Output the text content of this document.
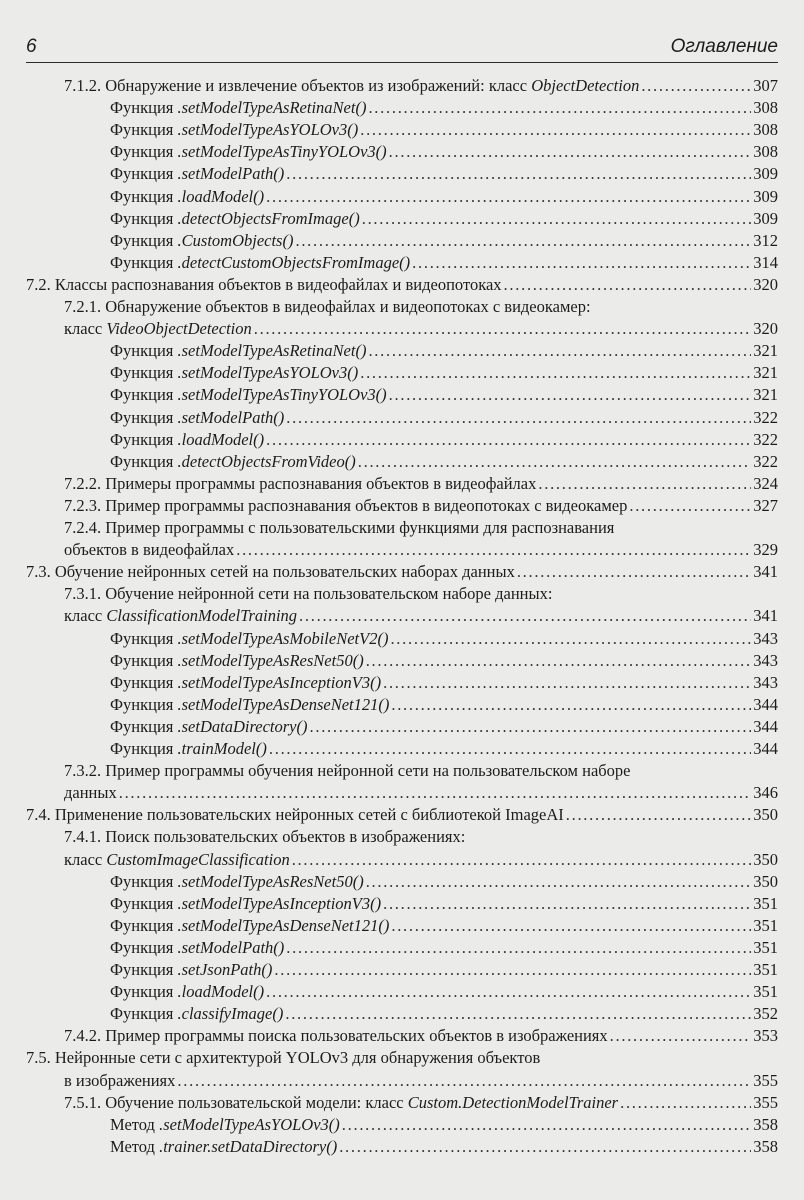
6	Оглавление
7.1.2. Обнаружение и извлечение объектов из изображений: класс ObjectDetection . . .	307
Функция .setModelTypeAsRetinaNet() . . .	308
Функция .setModelTypeAsYOLOv3() . . .	308
Функция .setModelTypeAsTinyYOLOv3() . . .	308
Функция .setModelPath() . . .	309
Функция .loadModel() . . .	309
Функция .detectObjectsFromImage() . . .	309
Функция .CustomObjects() . . .	312
Функция .detectCustomObjectsFromImage() . . .	314
7.2. Классы распознавания объектов в видеофайлах и видеопотоках . . .	320
7.2.1. Обнаружение объектов в видеофайлах и видеопотоках с видеокамер:
класс VideoObjectDetection . . .	320
Функция .setModelTypeAsRetinaNet() . . .	321
Функция .setModelTypeAsYOLOv3() . . .	321
Функция .setModelTypeAsTinyYOLOv3() . . .	321
Функция .setModelPath() . . .	322
Функция .loadModel() . . .	322
Функция .detectObjectsFromVideo() . . .	322
7.2.2. Примеры программы распознавания объектов в видеофайлах . . .	324
7.2.3. Пример программы распознавания объектов в видеопотоках с видеокамер . . .	327
7.2.4. Пример программы с пользовательскими функциями для распознавания
объектов в видеофайлах . . .	329
7.3. Обучение нейронных сетей на пользовательских наборах данных . . .	341
7.3.1. Обучение нейронной сети на пользовательском наборе данных:
класс ClassificationModelTraining . . .	341
Функция .setModelTypeAsMobileNetV2() . . .	343
Функция .setModelTypeAsResNet50() . . .	343
Функция .setModelTypeAsInceptionV3() . . .	343
Функция .setModelTypeAsDenseNet121() . . .	344
Функция .setDataDirectory() . . .	344
Функция .trainModel() . . .	344
7.3.2. Пример программы обучения нейронной сети на пользовательском наборе
данных . . .	346
7.4. Применение пользовательских нейронных сетей с библиотекой ImageAI . . .	350
7.4.1. Поиск пользовательских объектов в изображениях:
класс CustomImageClassification . . .	350
Функция .setModelTypeAsResNet50() . . .	350
Функция .setModelTypeAsInceptionV3() . . .	351
Функция .setModelTypeAsDenseNet121() . . .	351
Функция .setModelPath() . . .	351
Функция .setJsonPath() . . .	351
Функция .loadModel() . . .	351
Функция .classifyImage() . . .	352
7.4.2. Пример программы поиска пользовательских объектов в изображениях . . .	353
7.5. Нейронные сети с архитектурой YOLOv3 для обнаружения объектов
в изображениях . . .	355
7.5.1. Обучение пользовательской модели: класс Custom.DetectionModelTrainer . . .	355
Метод .setModelTypeAsYOLOv3() . . .	358
Метод .trainer.setDataDirectory() . . .	358
